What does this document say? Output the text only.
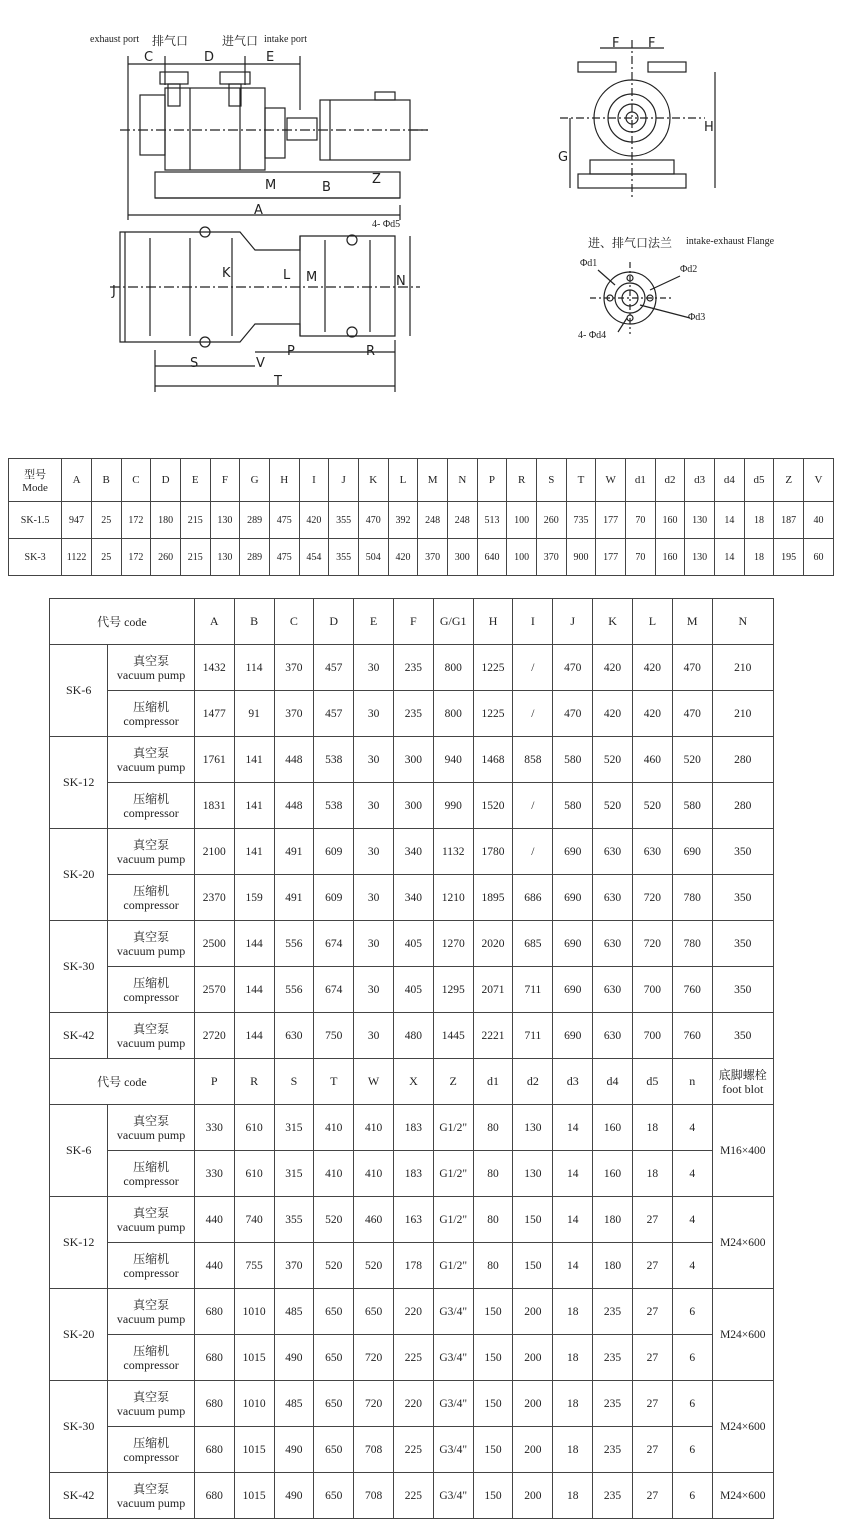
exhaust port 排气口	进气口 intake port
C	D	E
M	B
Z
A
4- Φd5
J
K	L M	N
S	V
P	R
T
F F
G
H
进、排气口法兰 intake-exhaust Flange
Φd1
Φd2
Φd3
4- Φd4
型号
Mode	A	B	C	D	E	F	G	H	I	J	K	L	M	N	P	R	S	T	W	d1	d2	d3	d4	d5	Z	V
SK-1.5	947	25	172	180	215	130	289	475	420	355	470	392	248	248	513	100	260	735	177	70	160	130	14	18	187	40
SK-3	1122	25	172	260	215	130	289	475	454	355	504	420	370	300	640	100	370	900	177	70	160	130	14	18	195	60
代号 code		A	B	C	D	E	F	G/G1	H	I	J	K	L	M	N
SK-6	真空泵
vacuum pump	1432	114	370	457	30	235	800	1225	/	470	420	420	470	210

	压缩机
compressor	1477	91	370	457	30	235	800	1225	/	470	420	420	470	210
SK-12	真空泵
vacuum pump	1761	141	448	538	30	300	940	1468	858	580	520	460	520	280

	压缩机
compressor	1831	141	448	538	30	300	990	1520	/	580	520	520	580	280
SK-20	真空泵
vacuum pump	2100	141	491	609	30	340	1132	1780	/	690	630	630	690	350

	压缩机
compressor	2370	159	491	609	30	340	1210	1895	686	690	630	720	780	350
SK-30	真空泵
vacuum pump	2500	144	556	674	30	405	1270	2020	685	690	630	720	780	350

	压缩机
compressor	2570	144	556	674	30	405	1295	2071	711	690	630	700	760	350
SK-42	真空泵
vacuum pump	2720	144	630	750	30	480	1445	2221	711	690	630	700	760	350
代号 code		P	R	S	T	W	X	Z	d1	d2	d3	d4	d5	n	底脚螺栓
foot blot

SK-6	真空泵
vacuum pump	330	610	315	410	410	183	G1/2"	80	130	14	160	18	4	M16×400

	压缩机
compressor	330	610	315	410	410	183	G1/2"	80	130	14	160	18	4	
SK-12	真空泵
vacuum pump	440	740	355	520	460	163	G1/2"	80	150	14	180	27	4	M24×600

	压缩机
compressor	440	755	370	520	520	178	G1/2"	80	150	14	180	27	4	
SK-20	真空泵
vacuum pump	680	1010	485	650	650	220	G3/4"	150	200	18	235	27	6	M24×600

	压缩机
compressor	680	1015	490	650	720	225	G3/4"	150	200	18	235	27	6	
SK-30	真空泵
vacuum pump	680	1010	485	650	720	220	G3/4"	150	200	18	235	27	6	M24×600

	压缩机
compressor	680	1015	490	650	708	225	G3/4"	150	200	18	235	27	6	
SK-42	真空泵
vacuum pump	680	1015	490	650	708	225	G3/4"	150	200	18	235	27	6	M24×600
